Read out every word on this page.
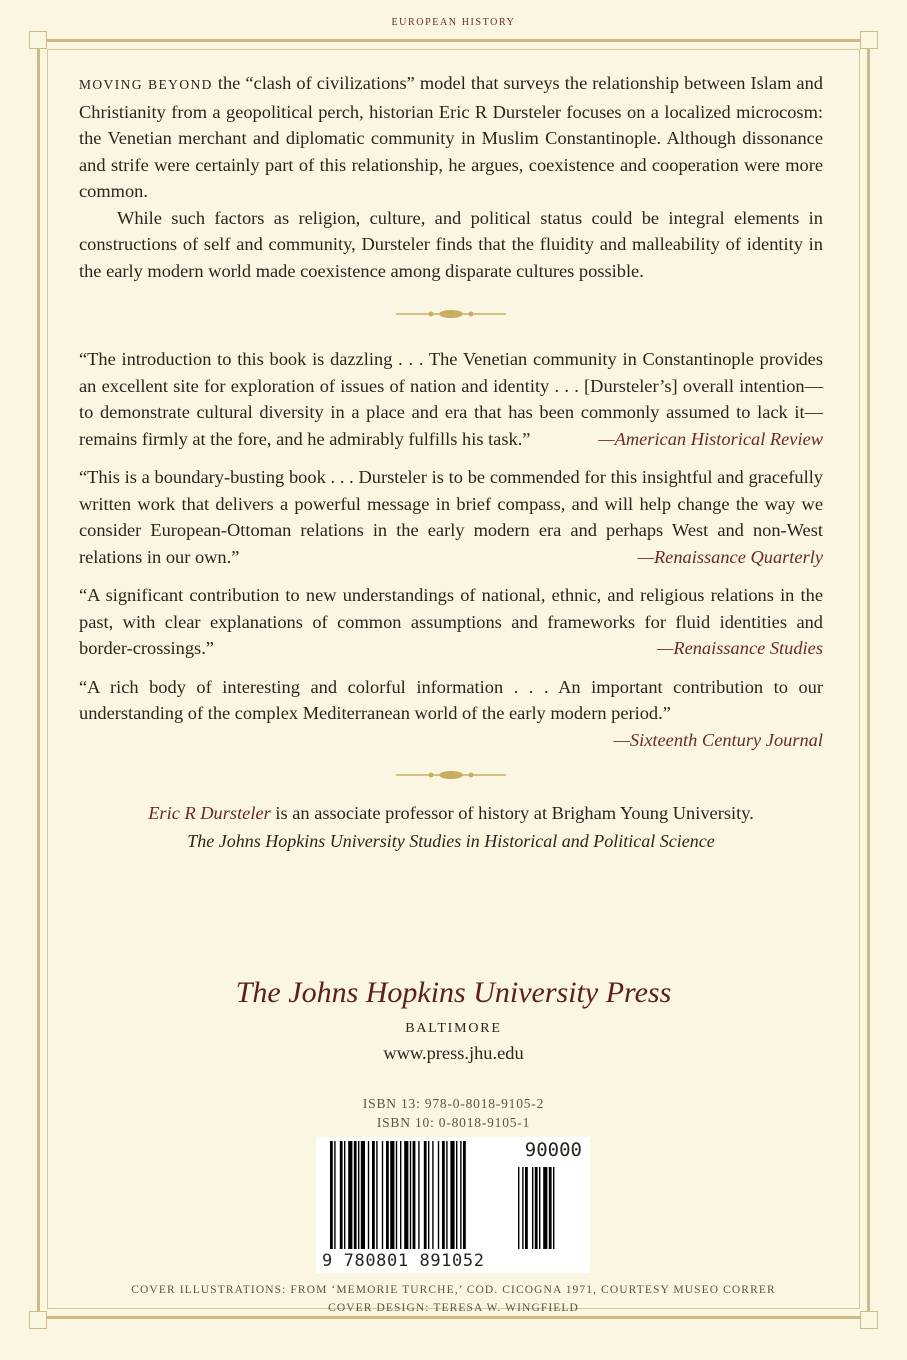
EUROPEAN HISTORY

MOVING BEYOND the “clash of civilizations” model that surveys the relationship between Islam and Christianity from a geopolitical perch, historian Eric R Dursteler focuses on a localized microcosm: the Venetian merchant and diplomatic community in Muslim Constantinople. Although dissonance and strife were certainly part of this relationship, he argues, coexistence and cooperation were more common.

While such factors as religion, culture, and political status could be integral elements in constructions of self and community, Dursteler finds that the fluidity and malleability of identity in the early modern world made coexistence among disparate cultures possible.

“The introduction to this book is dazzling . . . The Venetian community in Constantinople provides an excellent site for exploration of issues of nation and identity . . . [Dursteler’s] overall intention—to demonstrate cultural diversity in a place and era that has been commonly assumed to lack it—remains firmly at the fore, and he admirably fulfills his task.”	—American Historical Review
“This is a boundary-busting book . . . Dursteler is to be commended for this insightful and gracefully written work that delivers a powerful message in brief compass, and will help change the way we consider European-Ottoman relations in the early modern era and perhaps West and non-West relations in our own.”	—Renaissance Quarterly
“A significant contribution to new understandings of national, ethnic, and religious relations in the past, with clear explanations of common assumptions and frameworks for fluid identities and border-crossings.”	—Renaissance Studies
“A rich body of interesting and colorful information . . . An important contribution to our understanding of the complex Mediterranean world of the early modern period.”
—Sixteenth Century Journal

Eric R Dursteler is an associate professor of history at Brigham Young University.

The Johns Hopkins University Studies in Historical and Political Science

The Johns Hopkins University Press
BALTIMORE
www.press.jhu.edu
ISBN 13: 978-0-8018-9105-2
ISBN 10: 0-8018-9105-1
90000
9 780801 891052
COVER ILLUSTRATIONS: FROM ‘MEMORIE TURCHE,’ COD. CICOGNA 1971, COURTESY MUSEO CORRER
COVER DESIGN: TERESA W. WINGFIELD
